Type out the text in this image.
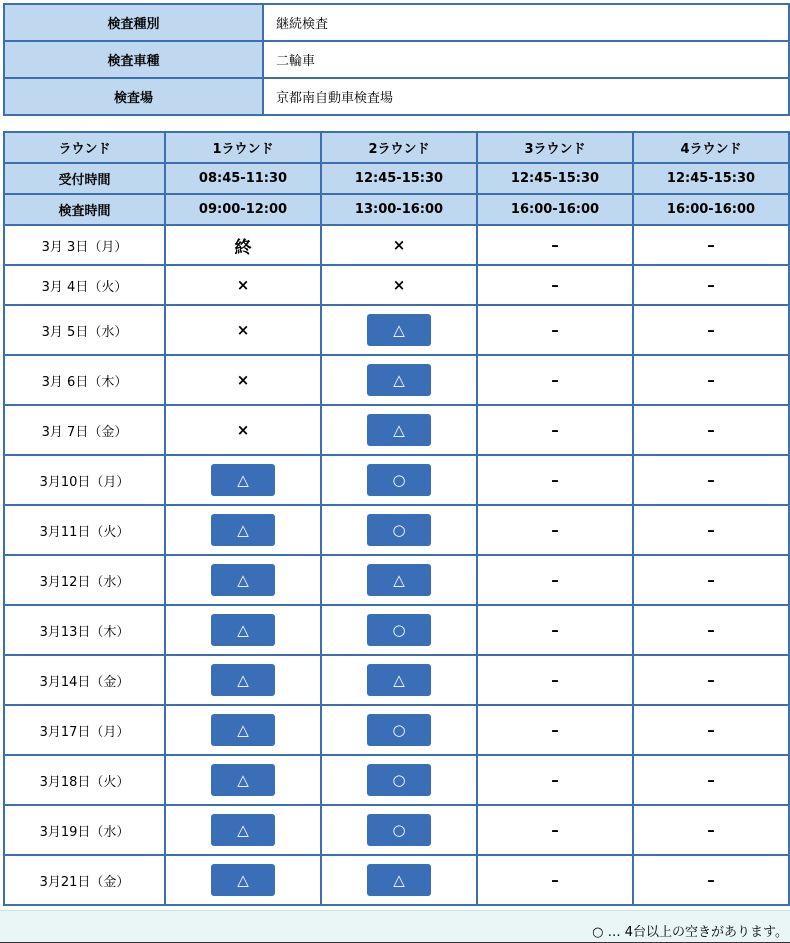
検査種別	継続検査
検査車種	二輪車
検査場	京都南自動車検査場
ラウンド	1ラウンド	2ラウンド	3ラウンド	4ラウンド
受付時間	08:45-11:30	12:45-15:30	12:45-15:30	12:45-15:30
検査時間	09:00-12:00	13:00-16:00	16:00-16:00	16:00-16:00
3月 3日（月）	終	×	–	–
3月 4日（火）	×	×	–	–
3月 5日（水）	×	△	–	–
3月 6日（木）	×	△	–	–
3月 7日（金）	×	△	–	–
3月10日（月）	△	○	–	–
3月11日（火）	△	○	–	–
3月12日（水）	△	△	–	–
3月13日（木）	△	○	–	–
3月14日（金）	△	△	–	–
3月17日（月）	△	○	–	–
3月18日（火）	△	○	–	–
3月19日（水）	△	○	–	–
3月21日（金）	△	△	–	–
○ … 4台以上の空きがあります。
